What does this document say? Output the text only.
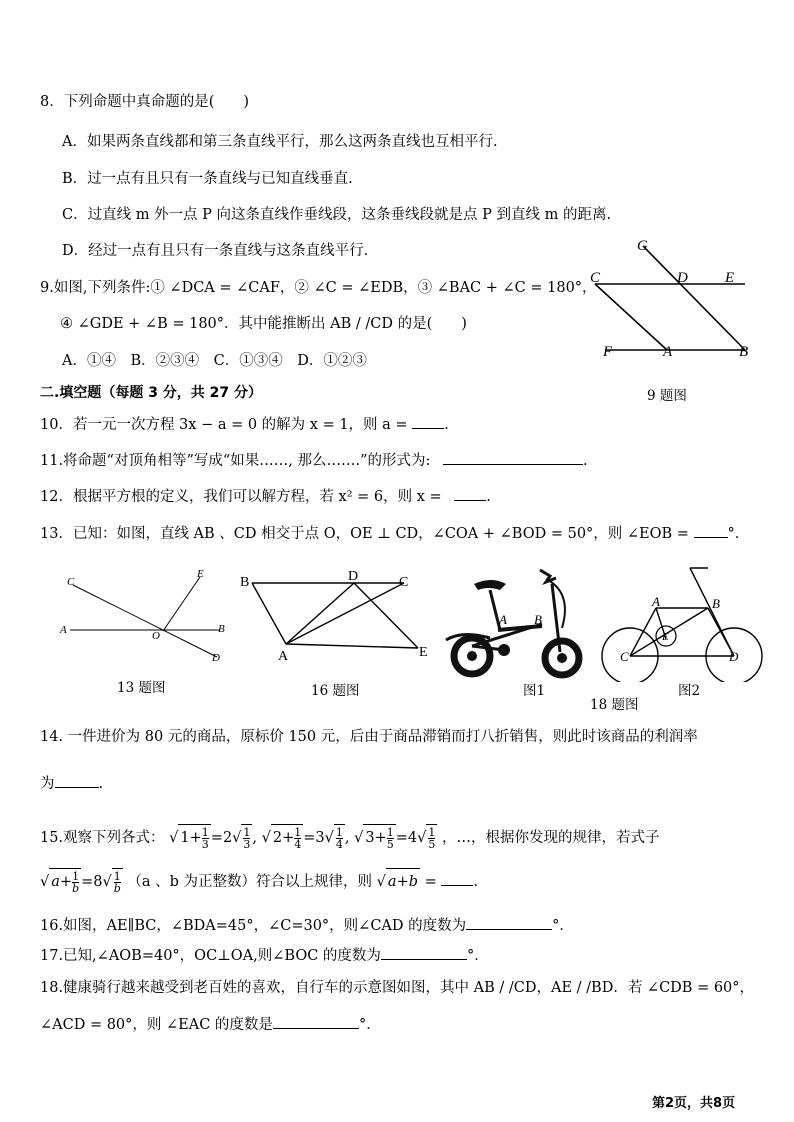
8．下列命题中真命题的是(　　)
A．如果两条直线都和第三条直线平行，那么这两条直线也互相平行.
B．过一点有且只有一条直线与已知直线垂直.
C．过直线 m 外一点 P 向这条直线作垂线段，这条垂线段就是点 P 到直线 m 的距离.
D．经过一点有且只有一条直线与这条直线平行.
9.如图,下列条件:① ∠DCA = ∠CAF，② ∠C = ∠EDB，③ ∠BAC + ∠C = 180°，
④ ∠GDE + ∠B = 180°．其中能推断出 AB / /CD 的是(　　)
A．①④　B．②③④　C．①③④　D．①②③
G
C	D E
F	A	B
9 题图
二.填空题（每题 3 分，共 27 分）
10．若一元一次方程 3x − a = 0 的解为 x = 1，则 a =	.
11.将命题“对顶角相等”写成“如果……, 那么…….”的形式为:	.
12．根据平方根的定义，我们可以解方程，若 x² = 6，则 x =	.
13．已知：如图，直线 AB 、CD 相交于点 O，OE ⊥ CD，∠COA + ∠BOD = 50°，则 ∠EOB =	°．
C
E
A	O
B
D
13 题图
B	D	C
A	E
16 题图
A B
图1
A	B
E
C	D
18 题图
图2
14. 一件进价为 80 元的商品，原标价 150 元，后由于商品滞销而打八折销售，则此时该商品的利润率
为	.
15.观察下列各式： √ $1+ \frac{1}{3} =2√ \frac{1}{3}$ , √ $2+ \frac{1}{4} =3√ \frac{1}{4}$ , √ $3+ \frac{1}{5} =4√ \frac{1}{5}$ ，…，根据你发现的规律，若式子
√ $a+ \frac{1}{b} =8√ \frac{1}{b} (a$ 、b 为正整数）符合以上规律，则 √ a+b =	.
16.如图，AE∥BC，∠BDA=45°，∠C=30°，则∠CAD 的度数为	°．
17.已知,∠AOB=40°，OC⊥OA,则∠BOC 的度数为	°．
18.健康骑行越来越受到老百姓的喜欢，自行车的示意图如图，其中 AB / /CD，AE / /BD．若 ∠CDB = 60°，
∠ACD = 80°，则 ∠EAC 的度数是	°．
第2页，共8页
